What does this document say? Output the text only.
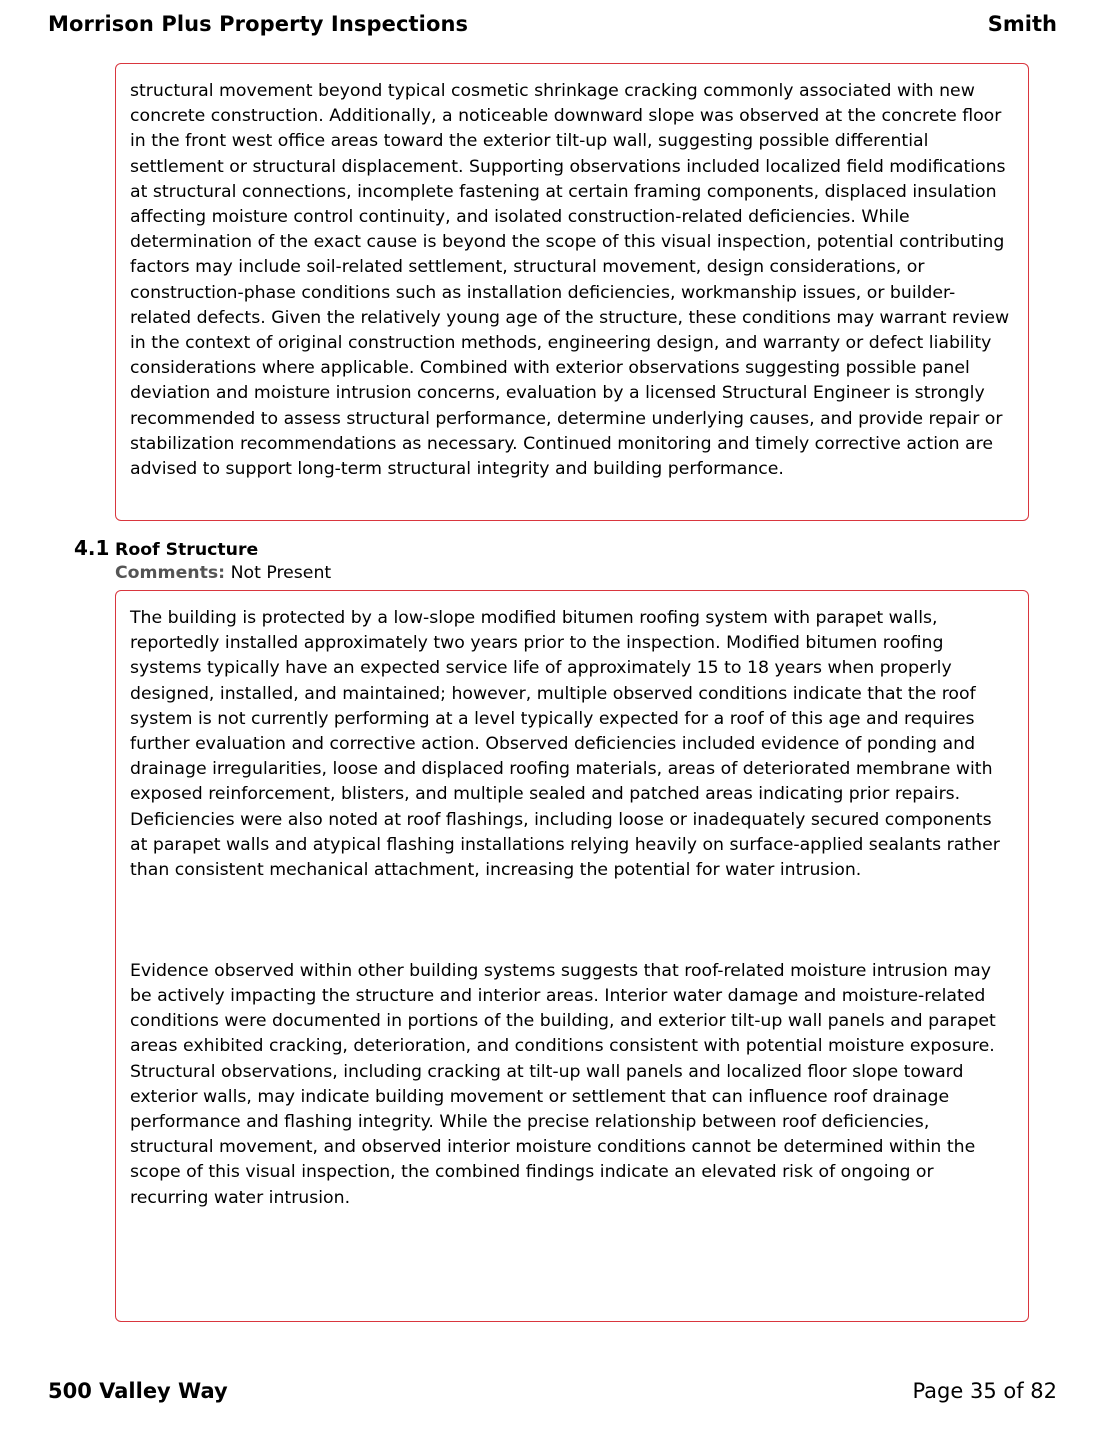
Morrison Plus Property Inspections	Smith

structural movement beyond typical cosmetic shrinkage cracking commonly associated with new concrete construction. Additionally, a noticeable downward slope was observed at the concrete floor in the front west office areas toward the exterior tilt-up wall, suggesting possible differential settlement or structural displacement. Supporting observations included localized field modifications at structural connections, incomplete fastening at certain framing components, displaced insulation affecting moisture control continuity, and isolated construction-related deficiencies. While determination of the exact cause is beyond the scope of this visual inspection, potential contributing factors may include soil-related settlement, structural movement, design considerations, or construction-phase conditions such as installation deficiencies, workmanship issues, or builder-related defects. Given the relatively young age of the structure, these conditions may warrant review in the context of original construction methods, engineering design, and warranty or defect liability considerations where applicable. Combined with exterior observations suggesting possible panel deviation and moisture intrusion concerns, evaluation by a licensed Structural Engineer is strongly recommended to assess structural performance, determine underlying causes, and provide repair or stabilization recommendations as necessary. Continued monitoring and timely corrective action are advised to support long-term structural integrity and building performance.

4.1 Roof Structure
Comments: Not Present

The building is protected by a low-slope modified bitumen roofing system with parapet walls, reportedly installed approximately two years prior to the inspection. Modified bitumen roofing systems typically have an expected service life of approximately 15 to 18 years when properly designed, installed, and maintained; however, multiple observed conditions indicate that the roof system is not currently performing at a level typically expected for a roof of this age and requires further evaluation and corrective action. Observed deficiencies included evidence of ponding and drainage irregularities, loose and displaced roofing materials, areas of deteriorated membrane with exposed reinforcement, blisters, and multiple sealed and patched areas indicating prior repairs. Deficiencies were also noted at roof flashings, including loose or inadequately secured components at parapet walls and atypical flashing installations relying heavily on surface-applied sealants rather than consistent mechanical attachment, increasing the potential for water intrusion.

Evidence observed within other building systems suggests that roof-related moisture intrusion may be actively impacting the structure and interior areas. Interior water damage and moisture-related conditions were documented in portions of the building, and exterior tilt-up wall panels and parapet areas exhibited cracking, deterioration, and conditions consistent with potential moisture exposure. Structural observations, including cracking at tilt-up wall panels and localized floor slope toward exterior walls, may indicate building movement or settlement that can influence roof drainage performance and flashing integrity. While the precise relationship between roof deficiencies, structural movement, and observed interior moisture conditions cannot be determined within the scope of this visual inspection, the combined findings indicate an elevated risk of ongoing or recurring water intrusion.

500 Valley Way	Page 35 of 82
